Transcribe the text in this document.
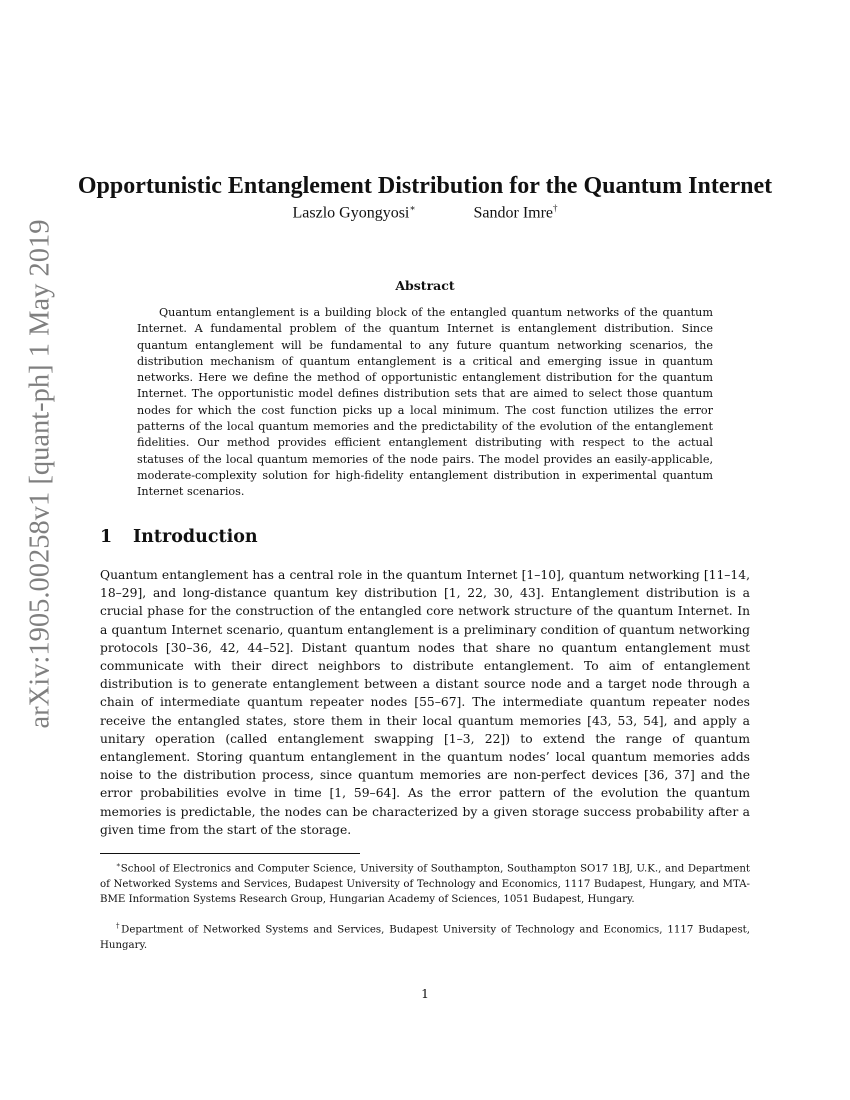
arXiv:1905.00258v1 [quant-ph] 1 May 2019
Opportunistic Entanglement Distribution for the Quantum Internet
Laszlo Gyongyosi∗	Sandor Imre†
Abstract

Quantum entanglement is a building block of the entangled quantum networks of the quantum Internet. A fundamental problem of the quantum Internet is entanglement distribution. Since quantum entanglement will be fundamental to any future quantum networking scenarios, the distribution mechanism of quantum entanglement is a critical and emerging issue in quantum networks. Here we define the method of opportunistic entanglement distribution for the quantum Internet. The opportunistic model defines distribution sets that are aimed to select those quantum nodes for which the cost function picks up a local minimum. The cost function utilizes the error patterns of the local quantum memories and the predictability of the evolution of the entanglement fidelities. Our method provides efficient entanglement distributing with respect to the actual statuses of the local quantum memories of the node pairs. The model provides an easily-applicable, moderate-complexity solution for high-fidelity entanglement distribution in experimental quantum Internet scenarios.

1 Introduction

Quantum entanglement has a central role in the quantum Internet [1–10], quantum networking [11–14, 18–29], and long-distance quantum key distribution [1, 22, 30, 43]. Entanglement distribution is a crucial phase for the construction of the entangled core network structure of the quantum Internet. In a quantum Internet scenario, quantum entanglement is a preliminary condition of quantum networking protocols [30–36, 42, 44–52]. Distant quantum nodes that share no quantum entanglement must communicate with their direct neighbors to distribute entanglement. To aim of entanglement distribution is to generate entanglement between a distant source node and a target node through a chain of intermediate quantum repeater nodes [55–67]. The intermediate quantum repeater nodes receive the entangled states, store them in their local quantum memories [43, 53, 54], and apply a unitary operation (called entanglement swapping [1–3, 22]) to extend the range of quantum entanglement. Storing quantum entanglement in the quantum nodes’ local quantum memories adds noise to the distribution process, since quantum memories are non-perfect devices [36, 37] and the error probabilities evolve in time [1, 59–64]. As the error pattern of the evolution the quantum memories is predictable, the nodes can be characterized by a given storage success probability after a given time from the start of the storage.

∗School of Electronics and Computer Science, University of Southampton, Southampton SO17 1BJ, U.K., and Department of Networked Systems and Services, Budapest University of Technology and Economics, 1117 Budapest, Hungary, and MTA-BME Information Systems Research Group, Hungarian Academy of Sciences, 1051 Budapest, Hungary.

†Department of Networked Systems and Services, Budapest University of Technology and Economics, 1117 Budapest, Hungary.

1
